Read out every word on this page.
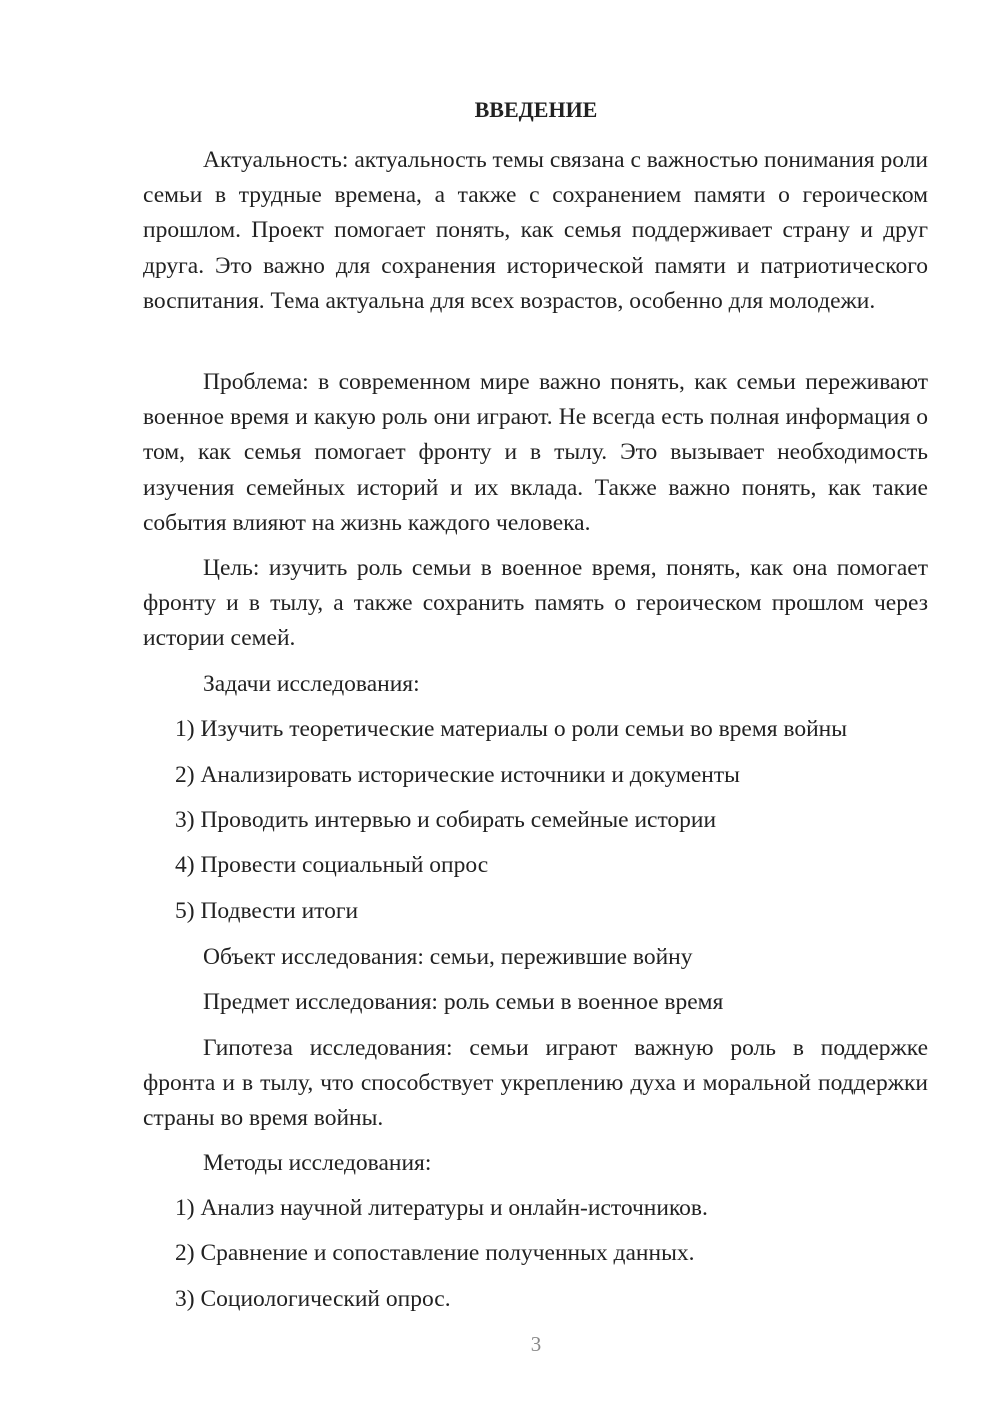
ВВЕДЕНИЕ

Актуальность: актуальность темы связана с важностью понимания роли семьи в трудные времена, а также с сохранением памяти о героическом прошлом. Проект помогает понять, как семья поддерживает страну и друг друга. Это важно для сохранения исторической памяти и патриотического воспитания. Тема актуальна для всех возрастов, особенно для молодежи.

Проблема: в современном мире важно понять, как семьи переживают военное время и какую роль они играют. Не всегда есть полная информация о том, как семья помогает фронту и в тылу. Это вызывает необходимость изучения семейных историй и их вклада. Также важно понять, как такие события влияют на жизнь каждого человека.

Цель: изучить роль семьи в военное время, понять, как она помогает фронту и в тылу, а также сохранить память о героическом прошлом через истории семей.

Задачи исследования:

1) Изучить теоретические материалы о роли семьи во время войны

2) Анализировать исторические источники и документы

3) Проводить интервью и собирать семейные истории

4) Провести социальный опрос

5) Подвести итоги

Объект исследования: семьи, пережившие войну

Предмет исследования: роль семьи в военное время

Гипотеза исследования: семьи играют важную роль в поддержке фронта и в тылу, что способствует укреплению духа и моральной поддержки страны во время войны.

Методы исследования:

1) Анализ научной литературы и онлайн-источников.

2) Сравнение и сопоставление полученных данных.

3) Социологический опрос.

3
